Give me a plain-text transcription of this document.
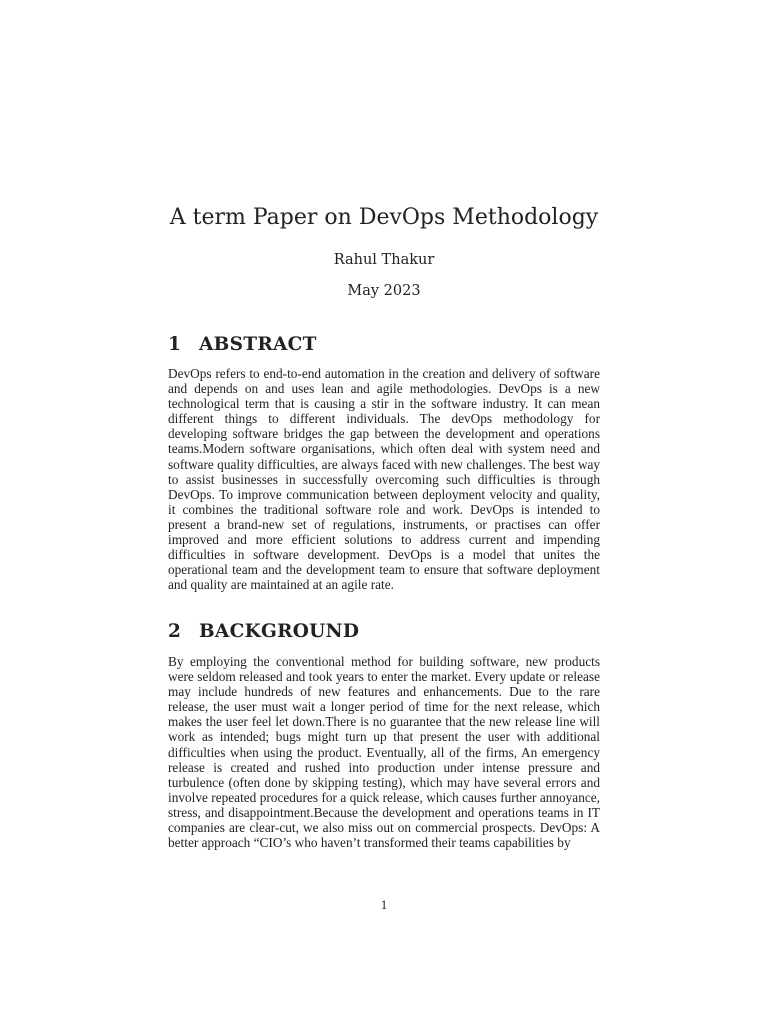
A term Paper on DevOps Methodology
Rahul Thakur
May 2023
1 ABSTRACT

DevOps refers to end-to-end automation in the creation and delivery of software and depends on and uses lean and agile methodologies. DevOps is a new technological term that is causing a stir in the software industry. It can mean different things to different individuals. The devOps methodology for developing software bridges the gap between the development and operations teams.Modern software organisations, which often deal with system need and software quality difficulties, are always faced with new challenges. The best way to assist businesses in successfully overcoming such difficulties is through DevOps. To improve communication between deployment velocity and quality, it combines the traditional software role and work. DevOps is intended to present a brand-new set of regulations, instruments, or practises can offer improved and more efficient solutions to address current and impending difficulties in software development. DevOps is a model that unites the operational team and the development team to ensure that software deployment and quality are maintained at an agile rate.

2 BACKGROUND

By employing the conventional method for building software, new products were seldom released and took years to enter the market. Every update or release may include hundreds of new features and enhancements. Due to the rare release, the user must wait a longer period of time for the next release, which makes the user feel let down.There is no guarantee that the new release line will work as intended; bugs might turn up that present the user with additional difficulties when using the product. Eventually, all of the firms, An emergency release is created and rushed into production under intense pressure and turbulence (often done by skipping testing), which may have several errors and involve repeated procedures for a quick release, which causes further annoyance, stress, and disappointment.Because the development and operations teams in IT companies are clear-cut, we also miss out on commercial prospects. DevOps: A better approach “CIO’s who haven’t transformed their teams capabilities by

1
